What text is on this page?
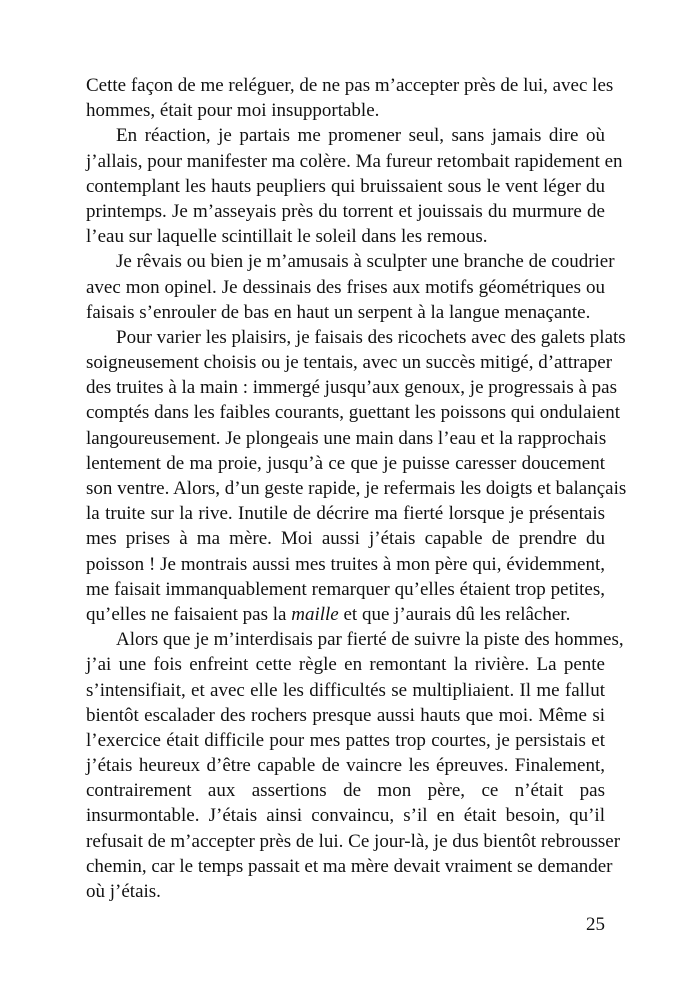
Cette façon de me reléguer, de ne pas m’accepter près de lui, avec les
hommes, était pour moi insupportable.
En réaction, je partais me promener seul, sans jamais dire où
j’allais, pour manifester ma colère. Ma fureur retombait rapidement en
contemplant les hauts peupliers qui bruissaient sous le vent léger du
printemps. Je m’asseyais près du torrent et jouissais du murmure de
l’eau sur laquelle scintillait le soleil dans les remous.
Je rêvais ou bien je m’amusais à sculpter une branche de coudrier
avec mon opinel. Je dessinais des frises aux motifs géométriques ou
faisais s’enrouler de bas en haut un serpent à la langue menaçante.
Pour varier les plaisirs, je faisais des ricochets avec des galets plats
soigneusement choisis ou je tentais, avec un succès mitigé, d’attraper
des truites à la main : immergé jusqu’aux genoux, je progressais à pas
comptés dans les faibles courants, guettant les poissons qui ondulaient
langoureusement. Je plongeais une main dans l’eau et la rapprochais
lentement de ma proie, jusqu’à ce que je puisse caresser doucement
son ventre. Alors, d’un geste rapide, je refermais les doigts et balançais
la truite sur la rive. Inutile de décrire ma fierté lorsque je présentais
mes prises à ma mère. Moi aussi j’étais capable de prendre du
poisson ! Je montrais aussi mes truites à mon père qui, évidemment,
me faisait immanquablement remarquer qu’elles étaient trop petites,
qu’elles ne faisaient pas la maille et que j’aurais dû les relâcher.
Alors que je m’interdisais par fierté de suivre la piste des hommes,
j’ai une fois enfreint cette règle en remontant la rivière. La pente
s’intensifiait, et avec elle les difficultés se multipliaient. Il me fallut
bientôt escalader des rochers presque aussi hauts que moi. Même si
l’exercice était difficile pour mes pattes trop courtes, je persistais et
j’étais heureux d’être capable de vaincre les épreuves. Finalement,
contrairement aux assertions de mon père, ce n’était pas
insurmontable. J’étais ainsi convaincu, s’il en était besoin, qu’il
refusait de m’accepter près de lui. Ce jour-là, je dus bientôt rebrousser
chemin, car le temps passait et ma mère devait vraiment se demander
où j’étais.
25
